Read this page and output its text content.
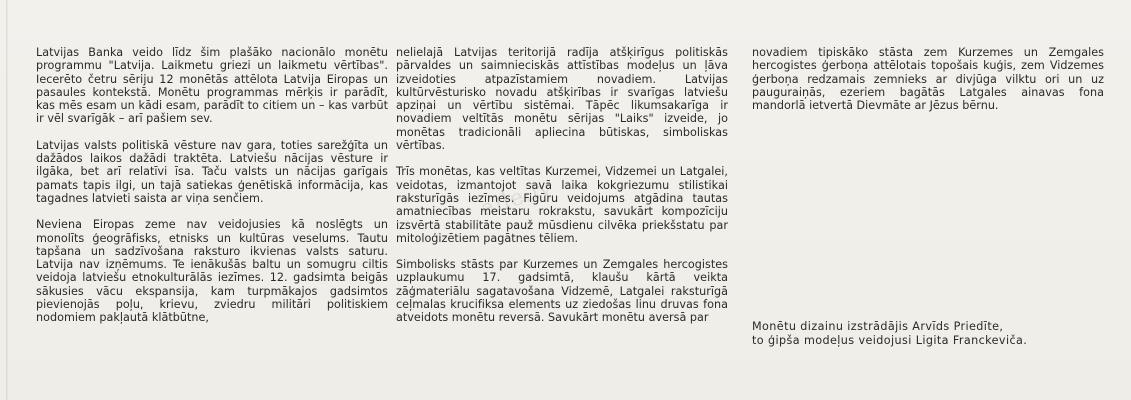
Latvijas Banka veido līdz šim plašāko nacionālo monētu programmu "Latvija. Laikmetu griezi un laikmetu vērtības". Iecerēto četru sēriju 12 monētās attēlota Latvija Eiropas un pasaules kontekstā. Monētu programmas mērķis ir parādīt, kas mēs esam un kādi esam, parādīt to citiem un – kas varbūt ir vēl svarīgāk – arī pašiem sev.

Latvijas valsts politiskā vēsture nav gara, toties sarežģīta un dažādos laikos dažādi traktēta. Latviešu nācijas vēsture ir ilgāka, bet arī relatīvi īsa. Taču valsts un nācijas garīgais pamats tapis ilgi, un tajā satiekas ģenētiskā informācija, kas tagadnes latvieti saista ar viņa senčiem.

Neviena Eiropas zeme nav veidojusies kā noslēgts un monolīts ģeogrāfisks, etnisks un kultūras veselums. Tautu tapšana un sadzīvošana raksturo ikvienas valsts saturu. Latvija nav izņēmums. Te ienākušās baltu un somugru ciltis veidoja latviešu etnokulturālās iezīmes. 12. gadsimta beigās sākusies vācu ekspansija, kam turpmākajos gadsimtos pievienojās poļu, krievu, zviedru militāri politiskiem nodomiem pakļautā klātbūtne,

nelielajā Latvijas teritorijā radīja atšķirīgus politiskās pārvaldes un saimnieciskās attīstības modeļus un ļāva izveidoties atpazīstamiem novadiem. Latvijas kultūrvēsturisko novadu atšķirības ir svarīgas latviešu apziņai un vērtību sistēmai. Tāpēc likumsakarīga ir novadiem veltītās monētu sērijas "Laiks" izveide, jo monētas tradicionāli apliecina būtiskas, simboliskas vērtības.

Trīs monētas, kas veltītas Kurzemei, Vidzemei un Latgalei, veidotas, izmantojot savā laika kokgriezumu stilistikai raksturīgās iezīmes. Figūru veidojums atgādina tautas amatniecības meistaru rokrakstu, savukārt kompozīciju izsvērtā stabilitāte pauž mūsdienu cilvēka priekšstatu par mitoloģizētiem pagātnes tēliem.

Simbolisks stāsts par Kurzemes un Zemgales hercogistes uzplaukumu 17. gadsimtā, klaušu kārtā veikta zāģmateriālu sagatavošana Vidzemē, Latgalei raksturīgā ceļmalas krucifiksa elements uz ziedošas linu druvas fona atveidots monētu reversā. Savukārt monētu aversā par

novadiem tipiskāko stāsta zem Kurzemes un Zemgales hercogistes ģerboņa attēlotais topošais kuģis, zem Vidzemes ģerboņa redzamais zemnieks ar divjūga vilktu ori un uz pauguraiņās, ezeriem bagātās Latgales ainavas fona mandorlā ietvertā Dievmāte ar Jēzus bērnu.

Monētu dizainu izstrādājis Arvīds Priedīte,
to ģipša modeļus veidojusi Ligita Franckeviča.
alle.lv
